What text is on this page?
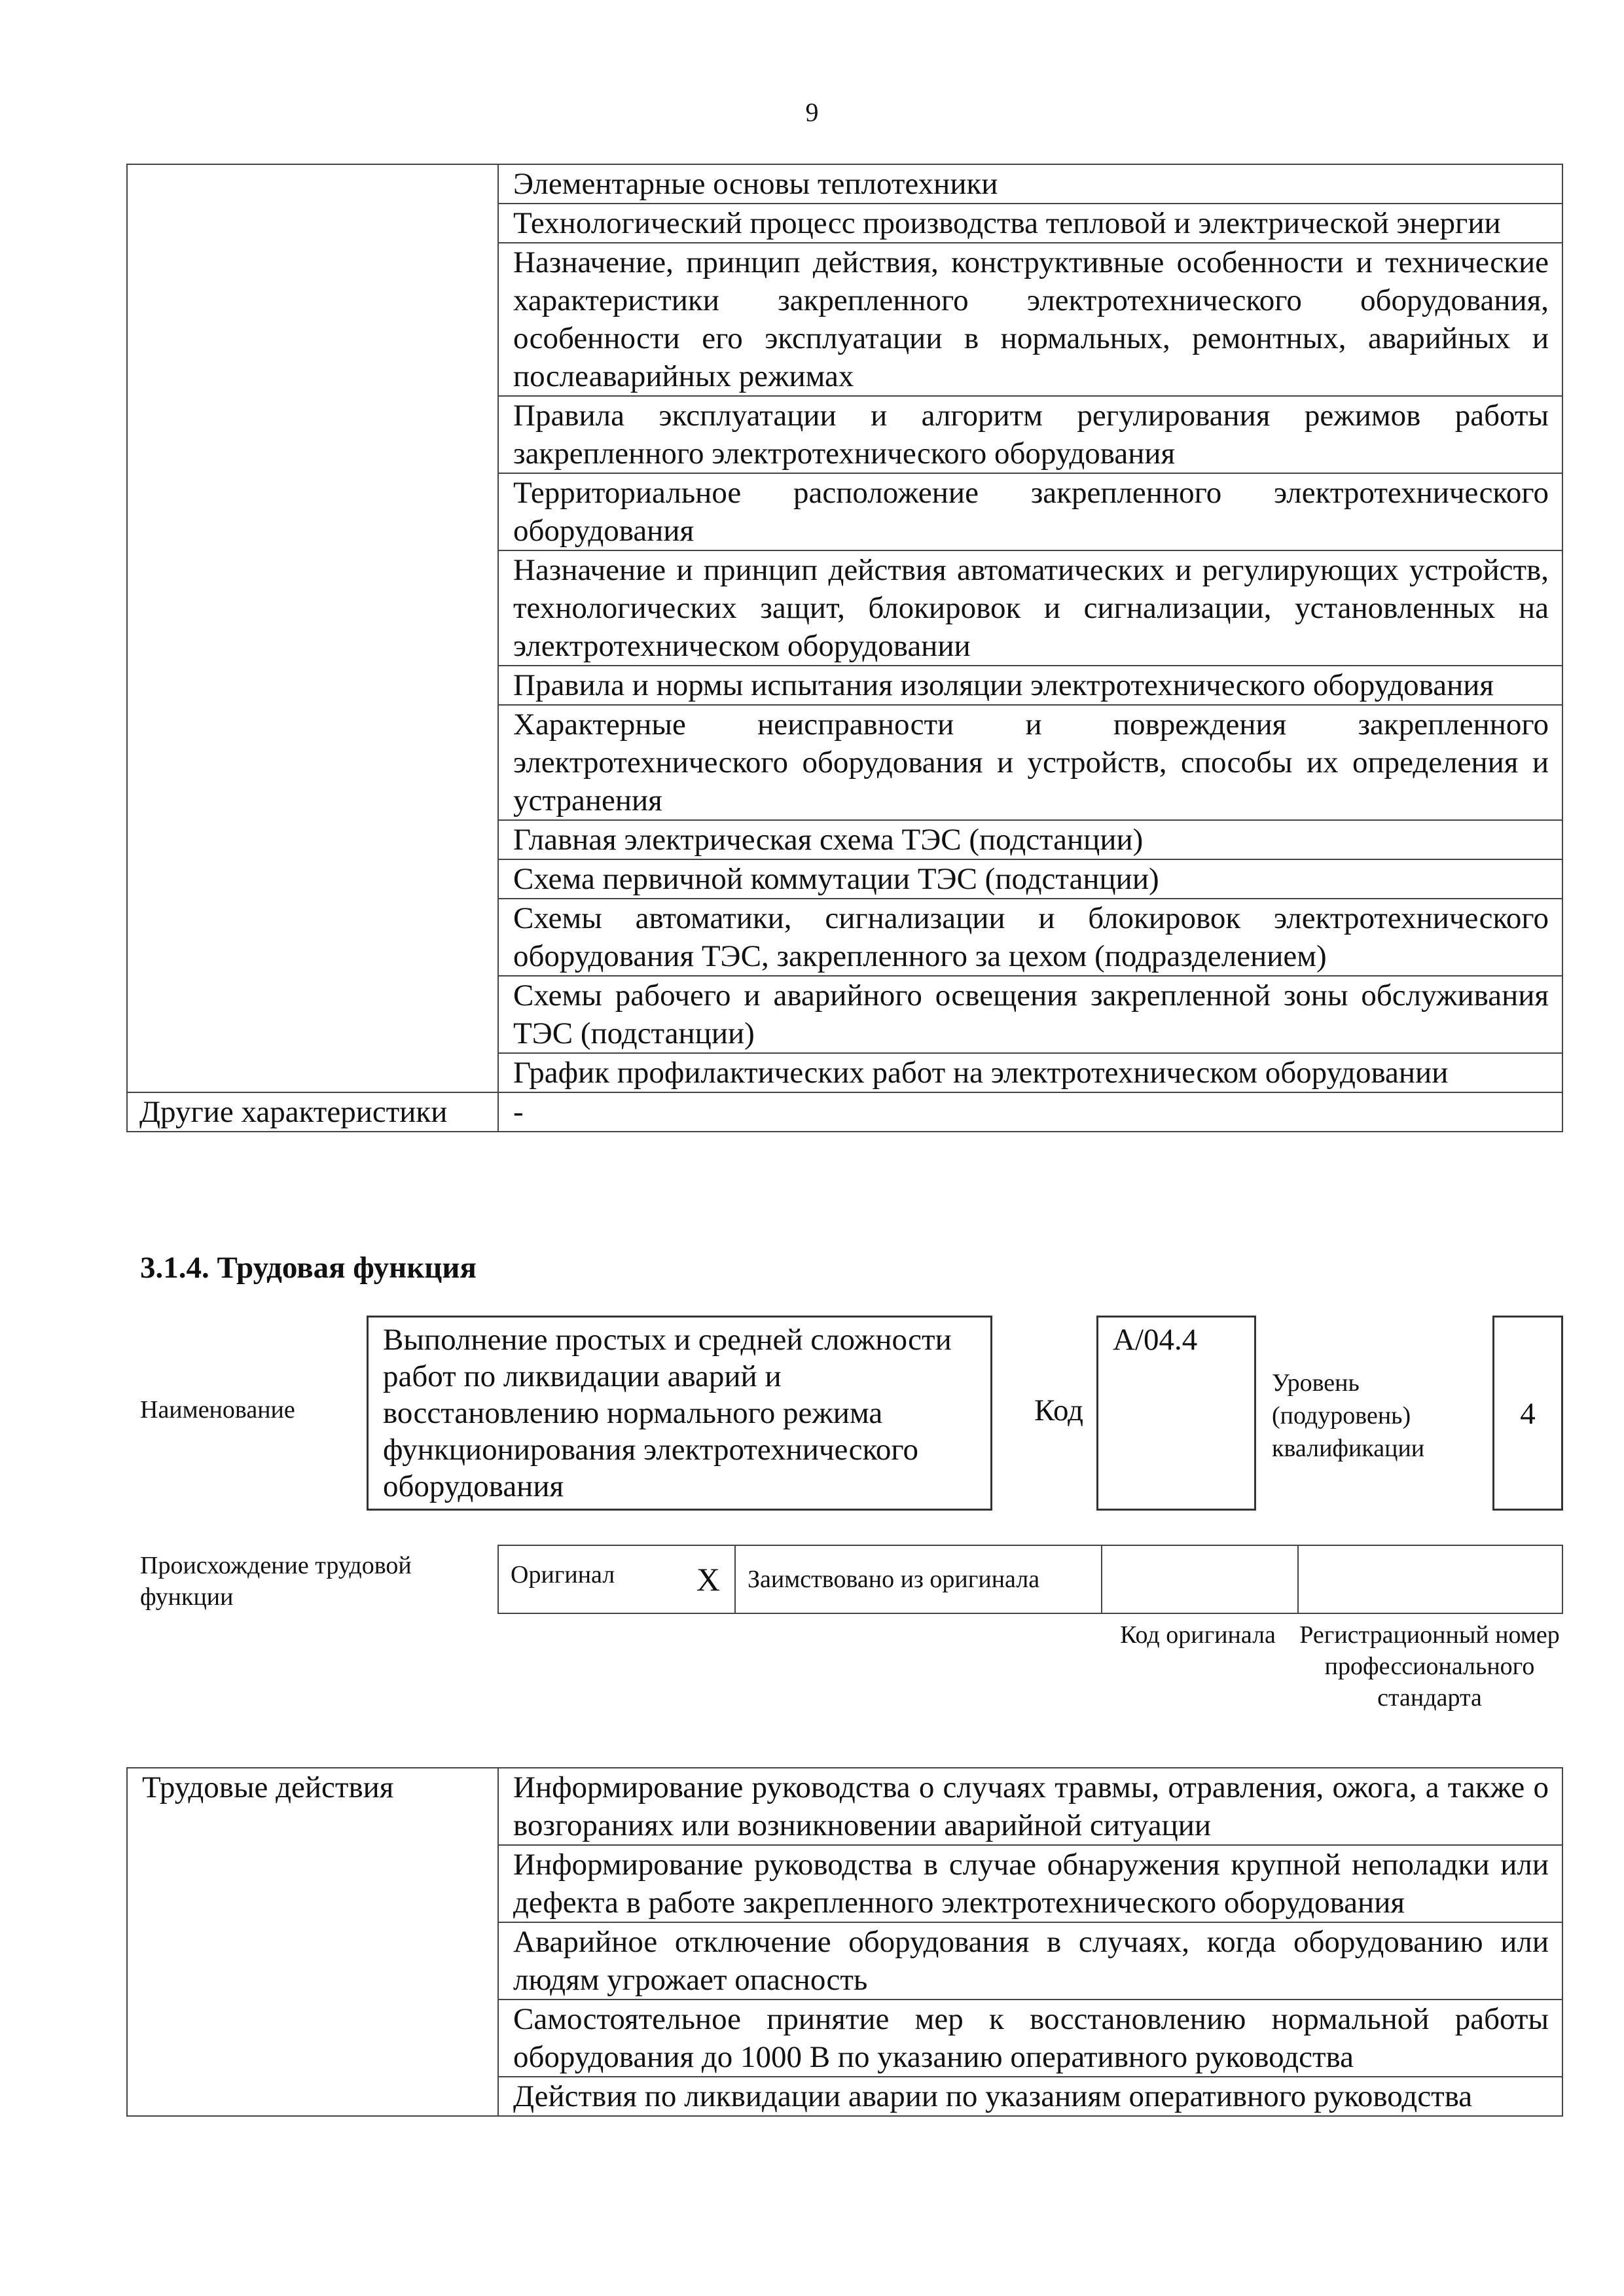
9
	Элементарные основы теплотехники
	Технологический процесс производства тепловой и электрической энергии
	Назначение, принцип действия, конструктивные особенности и технические характеристики закрепленного электротехнического оборудования, особенности его эксплуатации в нормальных, ремонтных, аварийных и послеаварийных режимах
	Правила эксплуатации и алгоритм регулирования режимов работы закрепленного электротехнического оборудования
	Территориальное расположение закрепленного электротехнического оборудования
	Назначение и принцип действия автоматических и регулирующих устройств, технологических защит, блокировок и сигнализации, установленных на электротехническом оборудовании
	Правила и нормы испытания изоляции электротехнического оборудования
	Характерные неисправности и повреждения закрепленного электротехнического оборудования и устройств, способы их определения и устранения
	Главная электрическая схема ТЭС (подстанции)
	Схема первичной коммутации ТЭС (подстанции)
	Схемы автоматики, сигнализации и блокировок электротехнического оборудования ТЭС, закрепленного за цехом (подразделением)
	Схемы рабочего и аварийного освещения закрепленной зоны обслуживания ТЭС (подстанции)
	График профилактических работ на электротехническом оборудовании
Другие характеристики	-
3.1.4. Трудовая функция
Наименование
Выполнение простых и средней сложности работ по ликвидации аварий и восстановлению нормального режима функционирования электротехнического оборудования
Код
A/04.4
Уровень (подуровень) квалификации
4
Происхождение трудовой функции
Оригинал X	Заимствовано из оригинала		
Код оригинала Регистрационный номер профессионального стандарта
Трудовые действия	Информирование руководства о случаях травмы, отравления, ожога, а также о возгораниях или возникновении аварийной ситуации
Информирование руководства в случае обнаружения крупной неполадки или дефекта в работе закрепленного электротехнического оборудования
Аварийное отключение оборудования в случаях, когда оборудованию или людям угрожает опасность
Самостоятельное принятие мер к восстановлению нормальной работы оборудования до 1000 В по указанию оперативного руководства
Действия по ликвидации аварии по указаниям оперативного руководства
